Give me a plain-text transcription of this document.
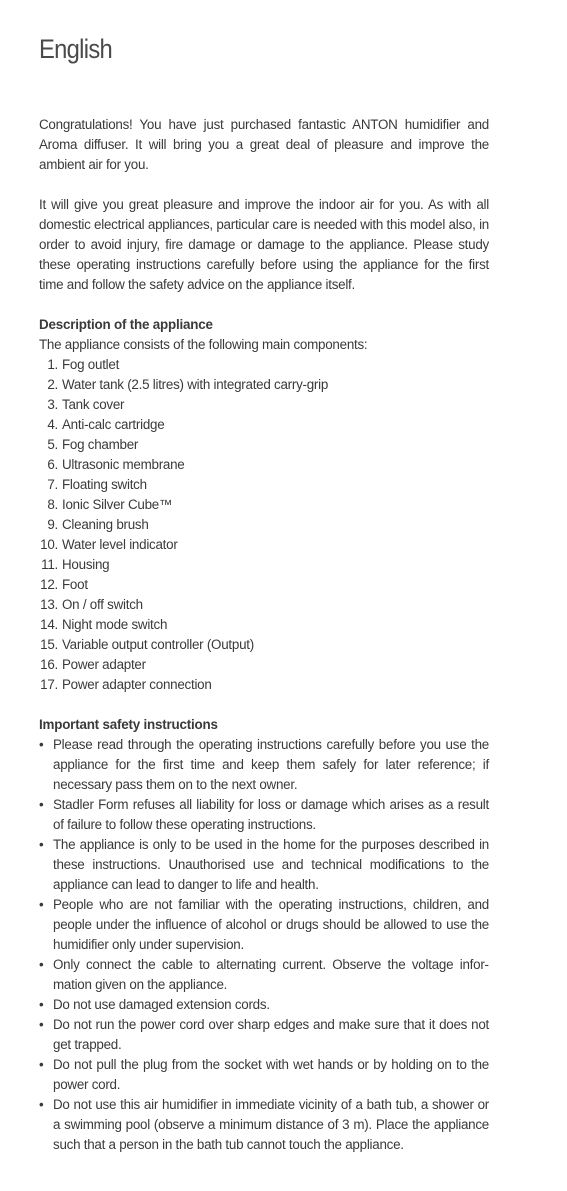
English

Congratulations! You have just purchased fantastic ANTON humidifier and Aroma diffuser. It will bring you a great deal of pleasure and improve the ambient air for you.

It will give you great pleasure and improve the indoor air for you. As with all domestic electrical appliances, particular care is needed with this model also, in order to avoid injury, fire damage or damage to the appliance. Please study these operating instructions carefully before using the appliance for the first time and follow the safety advice on the appliance itself.

Description of the appliance

The appliance consists of the following main components:

1. Fog outlet
2. Water tank (2.5 litres) with integrated carry-grip
3. Tank cover
4. Anti-calc cartridge
5. Fog chamber
6. Ultrasonic membrane
7. Floating switch
8. Ionic Silver Cube™
9. Cleaning brush
10. Water level indicator
11. Housing
12. Foot
13. On / off switch
14. Night mode switch
15. Variable output controller (Output)
16. Power adapter
17. Power adapter connection
Important safety instructions
• Please read through the operating instructions carefully before you use the appliance for the first time and keep them safely for later reference; if necessary pass them on to the next owner.
• Stadler Form refuses all liability for loss or damage which arises as a result of failure to follow these operating instructions.
• The appliance is only to be used in the home for the purposes described in these instructions. Unauthorised use and technical modifications to the appliance can lead to danger to life and health.
• People who are not familiar with the operating instructions, children, and people under the influence of alcohol or drugs should be allowed to use the humidifier only under supervision.
• Only connect the cable to alternating current. Observe the voltage information given on the appliance.
• Do not use damaged extension cords.
• Do not run the power cord over sharp edges and make sure that it does not get trapped.
• Do not pull the plug from the socket with wet hands or by holding on to the power cord.
• Do not use this air humidifier in immediate vicinity of a bath tub, a shower or a swimming pool (observe a minimum distance of 3 m). Place the appliance such that a person in the bath tub cannot touch the appliance.
